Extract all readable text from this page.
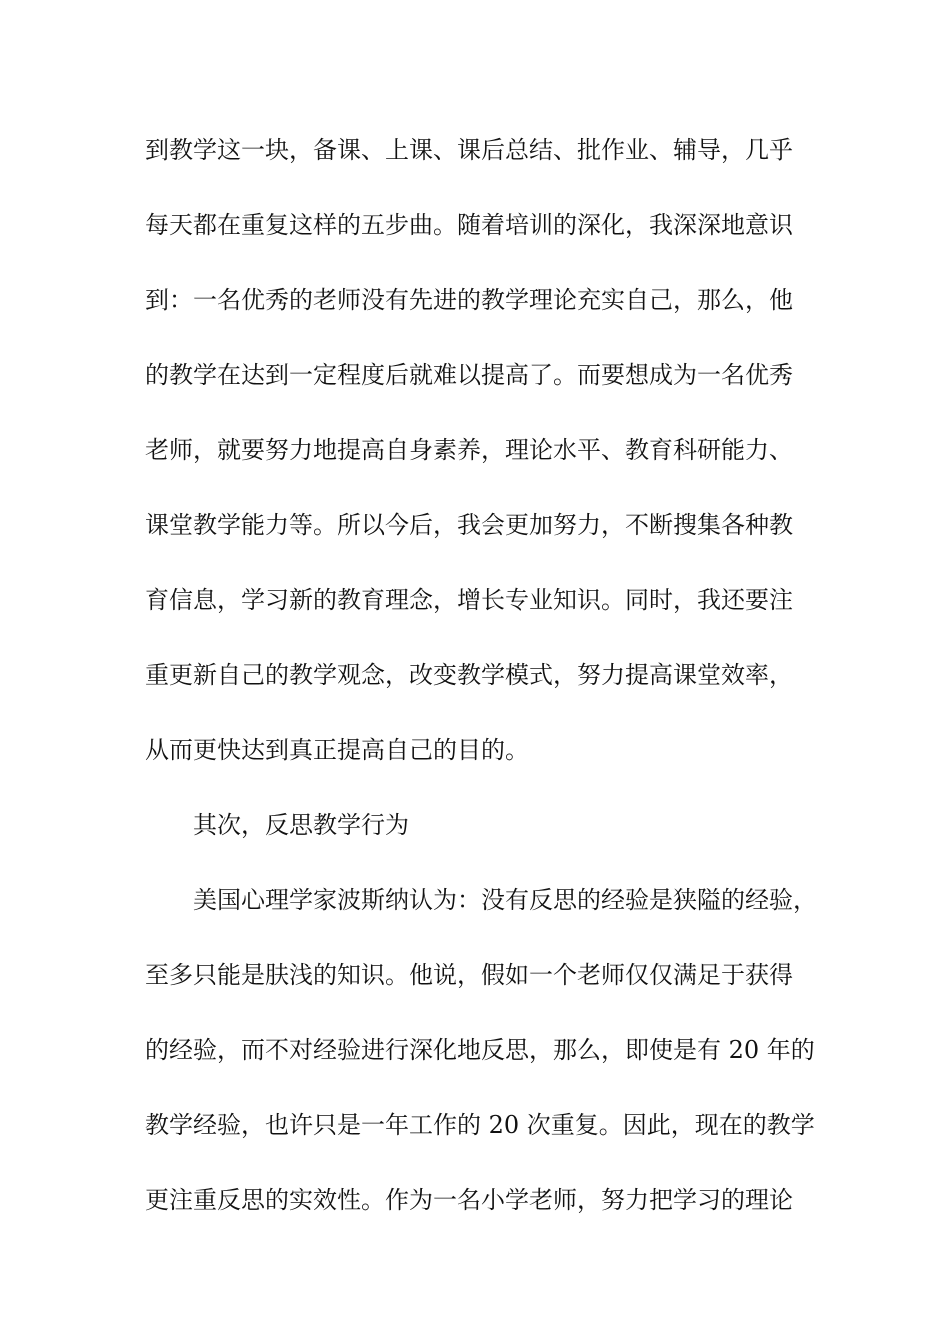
到教学这一块，备课、上课、课后总结、批作业、辅导，几乎
每天都在重复这样的五步曲。随着培训的深化，我深深地意识
到：一名优秀的老师没有先进的教学理论充实自己，那么，他
的教学在达到一定程度后就难以提高了。而要想成为一名优秀
老师，就要努力地提高自身素养，理论水平、教育科研能力、
课堂教学能力等。所以今后，我会更加努力，不断搜集各种教
育信息，学习新的教育理念，增长专业知识。同时，我还要注
重更新自己的教学观念，改变教学模式，努力提高课堂效率，
从而更快达到真正提高自己的目的。
其次，反思教学行为
美国心理学家波斯纳认为：没有反思的经验是狭隘的经验，
至多只能是肤浅的知识。他说，假如一个老师仅仅满足于获得
的经验，而不对经验进行深化地反思，那么，即使是有 20 年的
教学经验，也许只是一年工作的 20 次重复。因此，现在的教学
更注重反思的实效性。作为一名小学老师，努力把学习的理论
